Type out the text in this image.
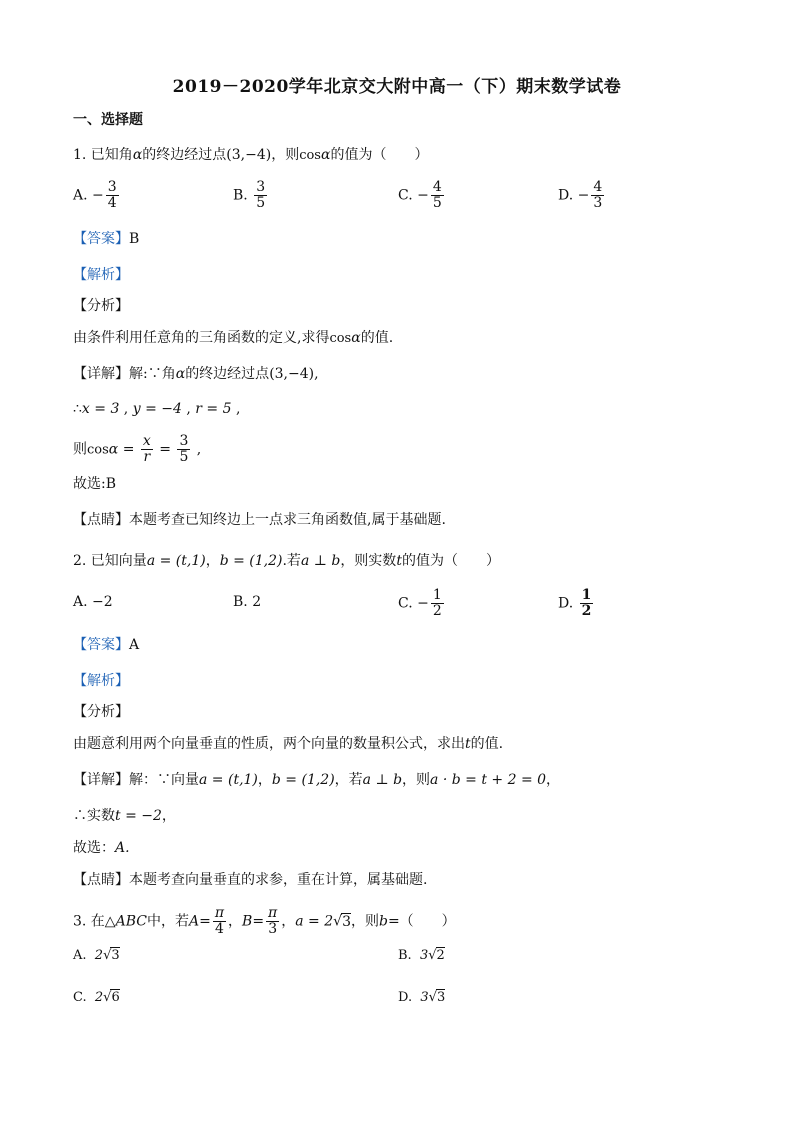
2019－2020学年北京交大附中高一（下）期末数学试卷
一、选择题
1. 已知角α的终边经过点(3,−4)，则cosα的值为（　　）
A. − $\frac{3}{4}$	B. $\frac{3}{5}$	C. − $\frac{4}{5}$	D. − $\frac{4}{3}$
【答案】B
【解析】
【分析】
由条件利用任意角的三角函数的定义,求得cosα的值.
【详解】解:∵角α的终边经过点(3,−4),
∴x = 3 , y = −4 , r = 5 ,
则$\cos\alpha = \frac{x}{r} = \frac{3}{5}$ ,
故选:B
【点睛】本题考查已知终边上一点求三角函数值,属于基础题.
2. 已知向量a = (t,1)，b = (1,2).若a ⊥ b，则实数t的值为（　　）
A. −2	B. 2	C. − $\frac{1}{2}$	D. $\frac{1}{2}$
【答案】A
【解析】
【分析】
由题意利用两个向量垂直的性质，两个向量的数量积公式，求出t的值.
【详解】解：∵向量a = (t,1)，b = (1,2)，若a ⊥ b，则a · b = t + 2 = 0，
∴实数t = −2，
故选：A.
【点睛】本题考查向量垂直的求参，重在计算，属基础题.
3. 在△ABC中，若$A= \frac{\pi}{4}$ ，$B= \frac{\pi}{3}$ ，a = 2√3，则b=（　　）
A. 2√3	B. 3√2
C. 2√6	D. 3√3
